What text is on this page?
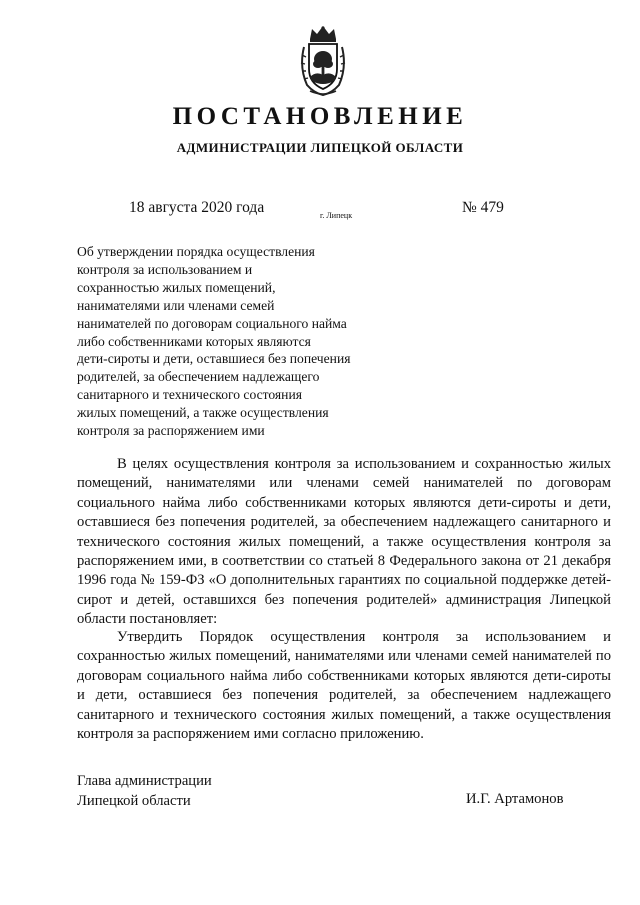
ПОСТАНОВЛЕНИЕ
АДМИНИСТРАЦИИ ЛИПЕЦКОЙ ОБЛАСТИ
18 августа 2020 года	г. Липецк	№ 479
Об утверждении порядка осуществления
контроля за использованием и
сохранностью жилых помещений,
нанимателями или членами семей
нанимателей по договорам социального найма
либо собственниками которых являются
дети-сироты и дети, оставшиеся без попечения
родителей, за обеспечением надлежащего
санитарного и технического состояния
жилых помещений, а также осуществления
контроля за распоряжением ими

В целях осуществления контроля за использованием и сохранностью жилых помещений, нанимателями или членами семей нанимателей по договорам социального найма либо собственниками которых являются дети-сироты и дети, оставшиеся без попечения родителей, за обеспечением надлежащего санитарного и технического состояния жилых помещений, а также осуществления контроля за распоряжением ими, в соответствии со статьей 8 Федерального закона от 21 декабря 1996 года № 159-ФЗ «О дополнительных гарантиях по социальной поддержке детей-сирот и детей, оставшихся без попечения родителей» администрация Липецкой области постановляет:

Утвердить Порядок осуществления контроля за использованием и сохранностью жилых помещений, нанимателями или членами семей нанимателей по договорам социального найма либо собственниками которых являются дети-сироты и дети, оставшиеся без попечения родителей, за обеспечением надлежащего санитарного и технического состояния жилых помещений, а также осуществления контроля за распоряжением ими согласно приложению.

Глава администрации
Липецкой области	И.Г. Артамонов
